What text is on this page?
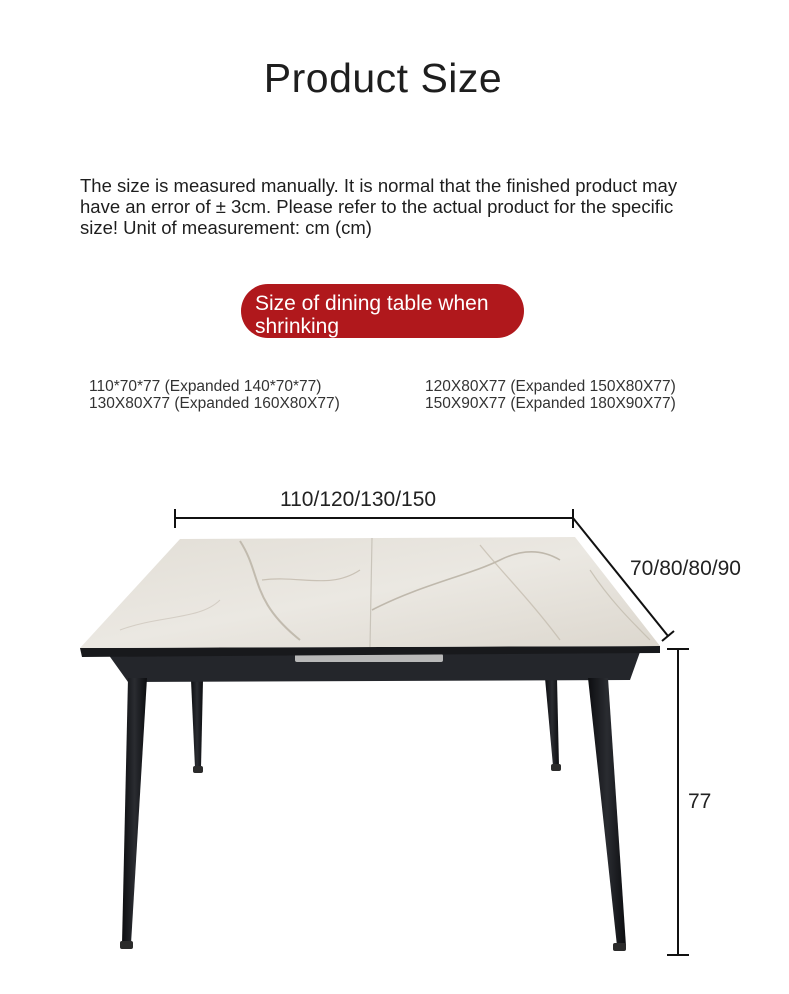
Product Size
The size is measured manually. It is normal that the finished product may have an error of ± 3cm. Please refer to the actual product for the specific size! Unit of measurement: cm (cm)
Size of dining table when shrinking
110*70*77 (Expanded 140*70*77)
130X80X77 (Expanded 160X80X77)
120X80X77 (Expanded 150X80X77)
150X90X77 (Expanded 180X90X77)
110/120/130/150
70/80/80/90
77
